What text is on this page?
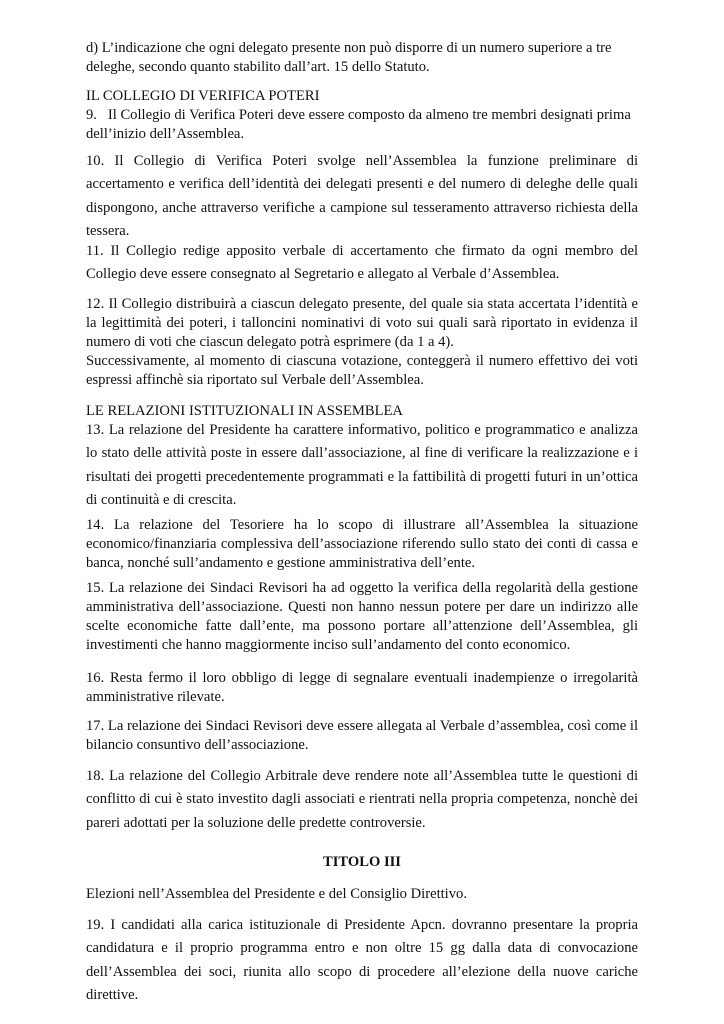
d) L’indicazione che ogni delegato presente non può disporre di un numero superiore a tre deleghe, secondo quanto stabilito dall’art. 15 dello Statuto.

IL COLLEGIO DI VERIFICA POTERI

9.   Il Collegio di Verifica Poteri deve essere composto da almeno tre membri designati prima dell’inizio dell’Assemblea.

10. Il Collegio di Verifica Poteri svolge nell’Assemblea la funzione preliminare di accertamento e verifica dell’identità dei delegati presenti e del numero di deleghe delle quali dispongono, anche attraverso verifiche a campione sul tesseramento attraverso richiesta della tessera.

11. Il Collegio redige apposito verbale di accertamento che firmato da ogni membro del Collegio deve essere consegnato al Segretario e allegato al Verbale d’Assemblea.

12. Il Collegio distribuirà a ciascun delegato presente, del quale sia stata accertata l’identità e la legittimità dei poteri, i talloncini nominativi di voto sui quali sarà riportato in evidenza il numero di voti che ciascun delegato potrà esprimere (da 1 a 4).

Successivamente, al momento di ciascuna votazione, conteggerà il numero effettivo dei voti espressi affinchè sia riportato sul Verbale dell’Assemblea.

LE RELAZIONI ISTITUZIONALI IN ASSEMBLEA

13. La relazione del Presidente ha carattere informativo, politico e programmatico e analizza lo stato delle attività poste in essere dall’associazione, al fine di verificare la realizzazione e i risultati dei progetti precedentemente programmati e la fattibilità di progetti futuri in un’ottica di continuità e di crescita.

14. La relazione del Tesoriere ha lo scopo di illustrare all’Assemblea la situazione economico/finanziaria complessiva dell’associazione riferendo sullo stato dei conti di cassa e banca, nonché sull’andamento e gestione amministrativa dell’ente.

15. La relazione dei Sindaci Revisori ha ad oggetto la verifica della regolarità della gestione amministrativa dell’associazione. Questi non hanno nessun potere per dare un indirizzo alle scelte economiche fatte dall’ente, ma possono portare all’attenzione dell’Assemblea, gli investimenti che hanno maggiormente inciso sull’andamento del conto economico.

16. Resta fermo il loro obbligo di legge di segnalare eventuali inadempienze o irregolarità amministrative rilevate.

17. La relazione dei Sindaci Revisori deve essere allegata al Verbale d’assemblea, così come il bilancio consuntivo dell’associazione.

18. La relazione del Collegio Arbitrale deve rendere note all’Assemblea tutte le questioni di conflitto di cui è stato investito dagli associati e rientrati nella propria competenza, nonchè dei pareri adottati per la soluzione delle predette controversie.

TITOLO III

Elezioni nell’Assemblea del Presidente e del Consiglio Direttivo.

19. I candidati alla carica istituzionale di Presidente Apcn. dovranno presentare la propria candidatura e il proprio programma entro e non oltre 15 gg dalla data di convocazione dell’Assemblea dei soci, riunita allo scopo di procedere all’elezione della nuove cariche direttive.
